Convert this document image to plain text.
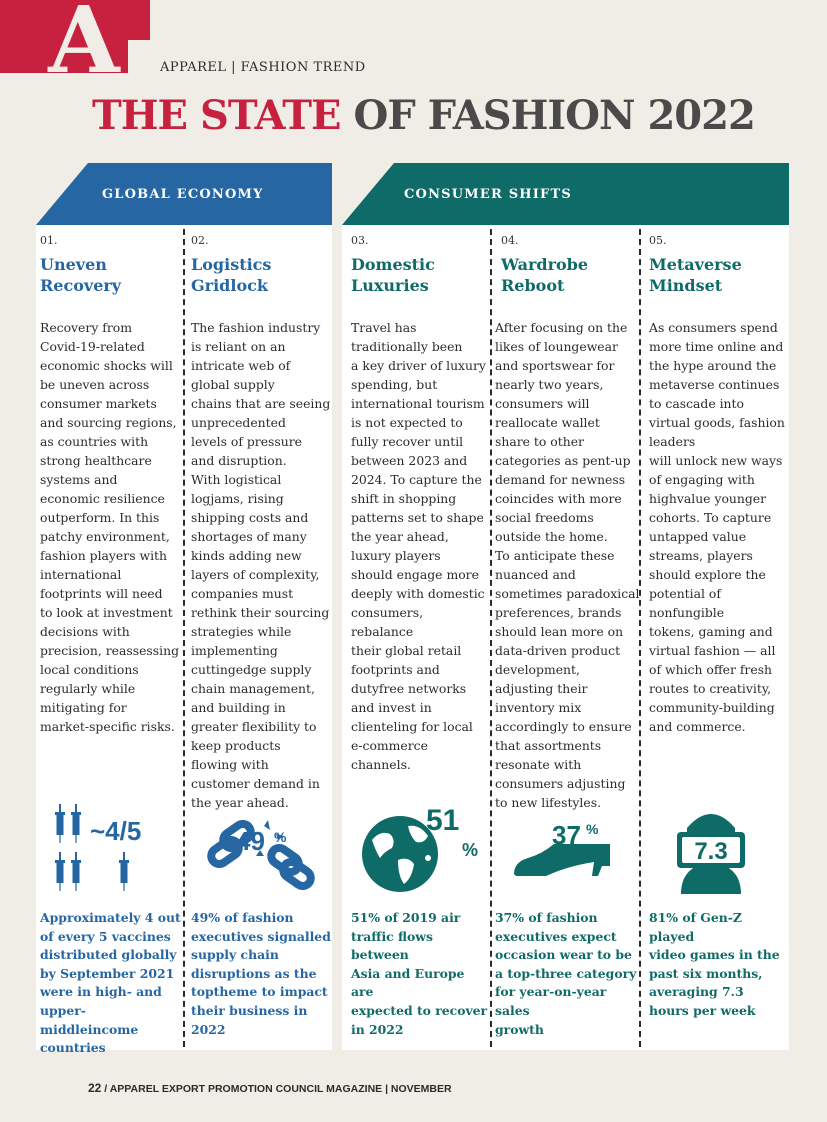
A	APPAREL | FASHION TREND
THE STATE OF FASHION 2022
GLOBAL ECONOMY	CONSUMER SHIFTS
01.
Uneven
Recovery
Recovery from
Covid-19-related
economic shocks will
be uneven across
consumer markets
and sourcing regions,
as countries with
strong healthcare
systems and
economic resilience
outperform. In this
patchy environment,
fashion players with
international
footprints will need
to look at investment
decisions with
precision, reassessing
local conditions
regularly while
mitigating for
market-specific risks.
02.
Logistics
Gridlock
The fashion industry
is reliant on an
intricate web of
global supply
chains that are seeing
unprecedented
levels of pressure
and disruption.
With logistical
logjams, rising
shipping costs and
shortages of many
kinds adding new
layers of complexity,
companies must
rethink their sourcing
strategies while
implementing
cuttingedge supply
chain management,
and building in
greater flexibility to
keep products
flowing with
customer demand in
the year ahead.
03.
Domestic
Luxuries
Travel has
traditionally been
a key driver of luxury
spending, but
international tourism
is not expected to
fully recover until
between 2023 and
2024. To capture the
shift in shopping
patterns set to shape
the year ahead,
luxury players
should engage more
deeply with domestic
consumers, rebalance
their global retail
footprints and
dutyfree networks
and invest in
clienteling for local
e-commerce
channels.
04.
Wardrobe
Reboot
After focusing on the
likes of loungewear
and sportswear for
nearly two years,
consumers will
reallocate wallet
share to other
categories as pent-up
demand for newness
coincides with more
social freedoms
outside the home.
To anticipate these
nuanced and
sometimes paradoxical
preferences, brands
should lean more on
data-driven product
development,
adjusting their
inventory mix
accordingly to ensure
that assortments
resonate with
consumers adjusting
to new lifestyles.
05.
Metaverse
Mindset
As consumers spend
more time online and
the hype around the
metaverse continues
to cascade into
virtual goods, fashion
leaders
will unlock new ways
of engaging with
highvalue younger
cohorts. To capture
untapped value
streams, players
should explore the
potential of
nonfungible
tokens, gaming and
virtual fashion — all
of which offer fresh
routes to creativity,
community-building
and commerce.
~4/5	49 %	51
%	37 %
7.3
Approximately 4 out
of every 5 vaccines
distributed globally
by September 2021
were in high- and
upper-middleincome
countries
49% of fashion
executives signalled
supply chain
disruptions as the
toptheme to impact
their business in
2022
51% of 2019 air
traffic flows between
Asia and Europe are
expected to recover
in 2022
37% of fashion
executives expect
occasion wear to be
a top-three category
for year-on-year sales
growth
81% of Gen-Z played
video games in the
past six months,
averaging 7.3
hours per week
22 / APPAREL EXPORT PROMOTION COUNCIL MAGAZINE | NOVEMBER
